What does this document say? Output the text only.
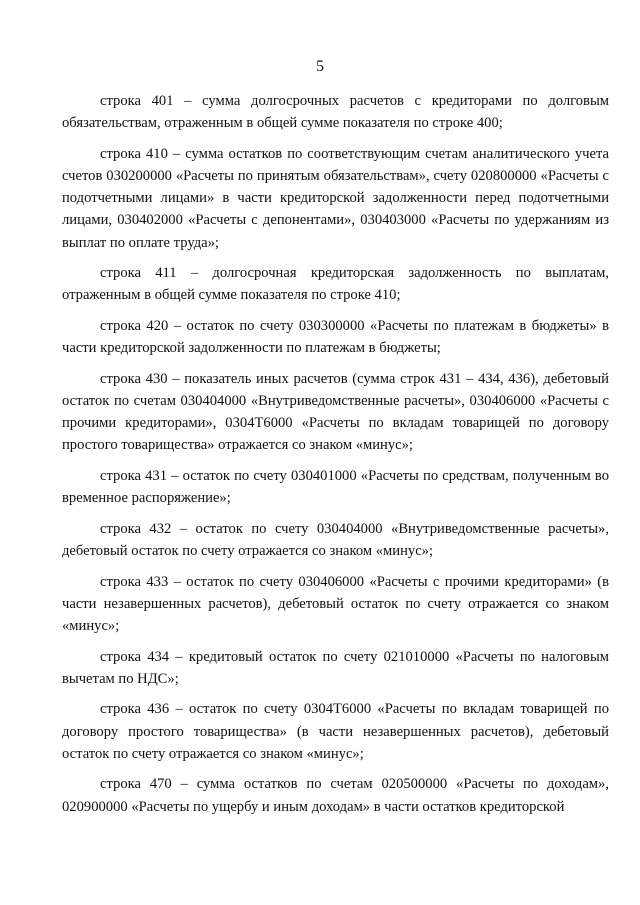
5

строка 401 – сумма долгосрочных расчетов с кредиторами по долговым обязательствам, отраженным в общей сумме показателя по строке 400;

строка 410 – сумма остатков по соответствующим счетам аналитического учета счетов 030200000 «Расчеты по принятым обязательствам», счету 020800000 «Расчеты с подотчетными лицами» в части кредиторской задолженности перед подотчетными лицами, 030402000 «Расчеты с депонентами», 030403000 «Расчеты по удержаниям из выплат по оплате труда»;

строка 411 – долгосрочная кредиторская задолженность по выплатам, отраженным в общей сумме показателя по строке 410;

строка 420 – остаток по счету 030300000 «Расчеты по платежам в бюджеты» в части кредиторской задолженности по платежам в бюджеты;

строка 430 – показатель иных расчетов (сумма строк 431 – 434, 436), дебетовый остаток по счетам 030404000 «Внутриведомственные расчеты», 030406000 «Расчеты с прочими кредиторами», 0304Т6000 «Расчеты по вкладам товарищей по договору простого товарищества» отражается со знаком «минус»;

строка 431 – остаток по счету 030401000 «Расчеты по средствам, полученным во временное распоряжение»;

строка 432 – остаток по счету 030404000 «Внутриведомственные расчеты», дебетовый остаток по счету отражается со знаком «минус»;

строка 433 – остаток по счету 030406000 «Расчеты с прочими кредиторами» (в части незавершенных расчетов), дебетовый остаток по счету отражается со знаком «минус»;

строка 434 – кредитовый остаток по счету 021010000 «Расчеты по налоговым вычетам по НДС»;

строка 436 – остаток по счету 0304Т6000 «Расчеты по вкладам товарищей по договору простого товарищества» (в части незавершенных расчетов), дебетовый остаток по счету отражается со знаком «минус»;

строка 470 – сумма остатков по счетам 020500000 «Расчеты по доходам», 020900000 «Расчеты по ущербу и иным доходам» в части остатков кредиторской
